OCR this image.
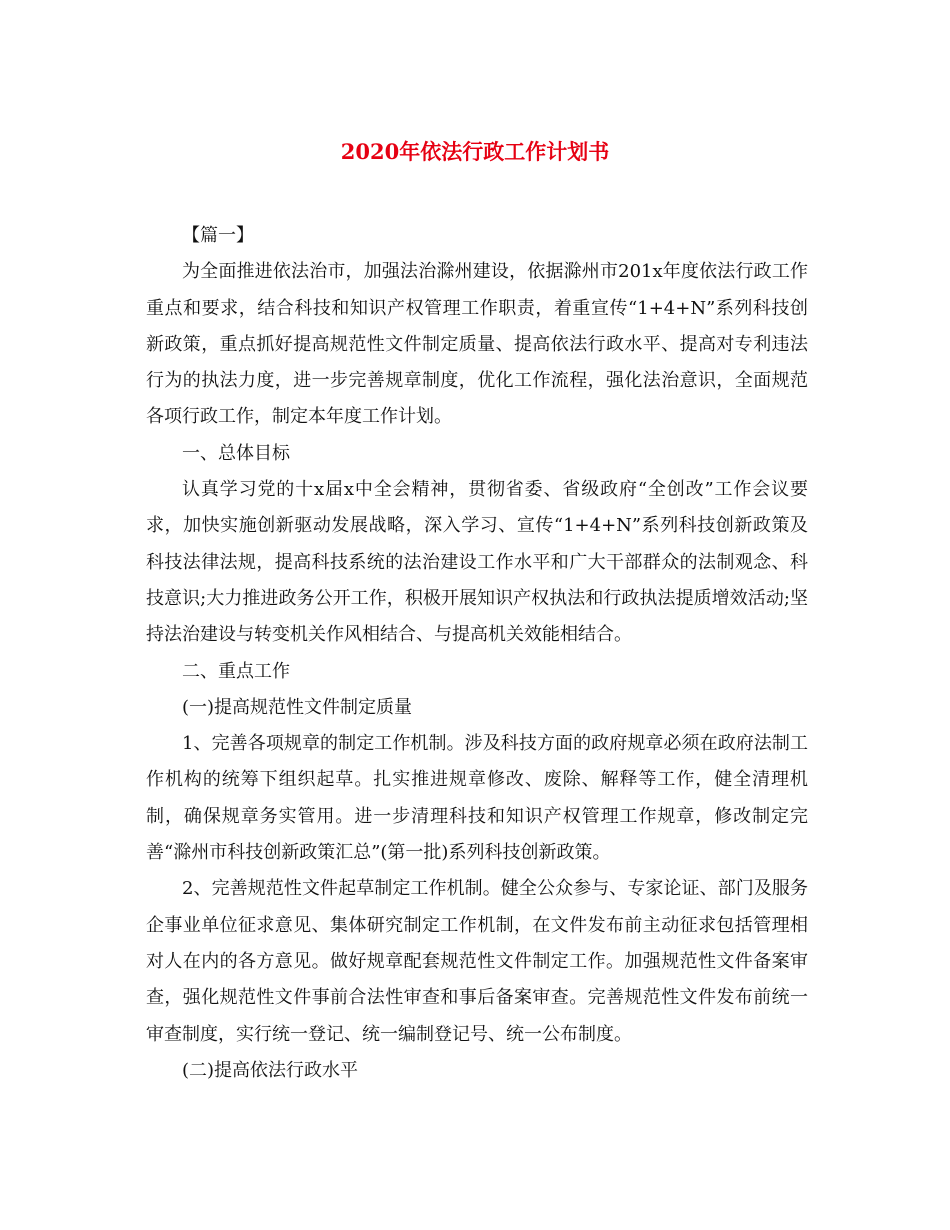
2020年依法行政工作计划书

【篇一】

为全面推进依法治市，加强法治滁州建设，依据滁州市201x年度依法行政工作重点和要求，结合科技和知识产权管理工作职责，着重宣传“1+4+N”系列科技创新政策，重点抓好提高规范性文件制定质量、提高依法行政水平、提高对专利违法行为的执法力度，进一步完善规章制度，优化工作流程，强化法治意识，全面规范各项行政工作，制定本年度工作计划。

一、总体目标

认真学习党的十x届x中全会精神，贯彻省委、省级政府“全创改”工作会议要求，加快实施创新驱动发展战略，深入学习、宣传“1+4+N”系列科技创新政策及科技法律法规，提高科技系统的法治建设工作水平和广大干部群众的法制观念、科技意识;大力推进政务公开工作，积极开展知识产权执法和行政执法提质增效活动;坚持法治建设与转变机关作风相结合、与提高机关效能相结合。

二、重点工作

(一)提高规范性文件制定质量

1、完善各项规章的制定工作机制。涉及科技方面的政府规章必须在政府法制工作机构的统筹下组织起草。扎实推进规章修改、废除、解释等工作，健全清理机制，确保规章务实管用。进一步清理科技和知识产权管理工作规章，修改制定完善“滁州市科技创新政策汇总”(第一批)系列科技创新政策。

2、完善规范性文件起草制定工作机制。健全公众参与、专家论证、部门及服务企事业单位征求意见、集体研究制定工作机制，在文件发布前主动征求包括管理相对人在内的各方意见。做好规章配套规范性文件制定工作。加强规范性文件备案审查，强化规范性文件事前合法性审查和事后备案审查。完善规范性文件发布前统一审查制度，实行统一登记、统一编制登记号、统一公布制度。

(二)提高依法行政水平
